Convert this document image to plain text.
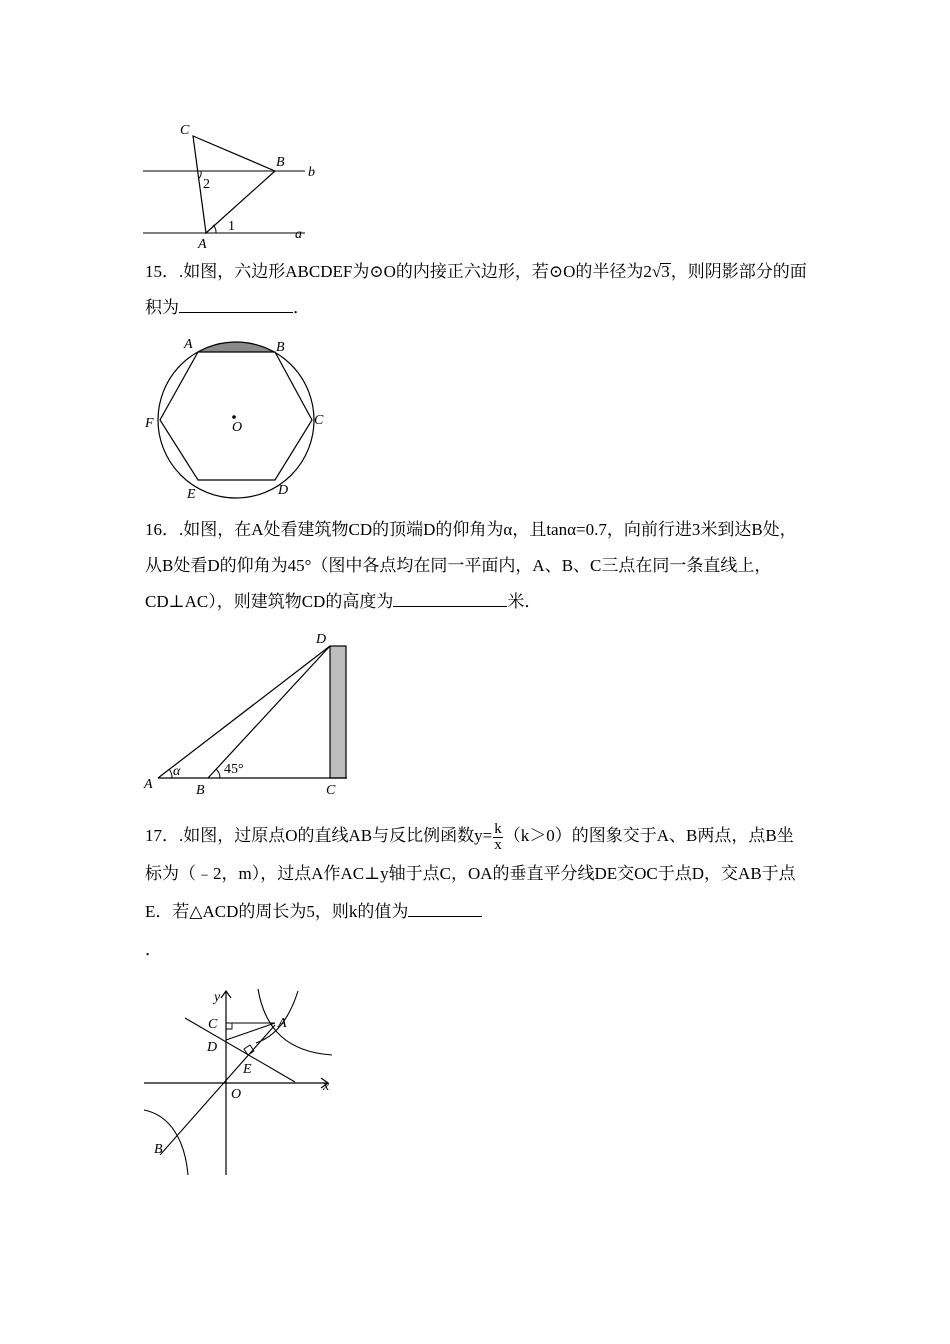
C
B
A
b
a
1
2
15．.如图，六边形ABCDEF为⊙O的内接正六边形，若⊙O的半径为2√3，则阴影部分的面积为	．
A	B
C
D
E
F	O
16．.如图，在A处看建筑物CD的顶端D的仰角为α，且tanα=0.7，向前行进3米到达B处，从B处看D的仰角为45°（图中各点均在同一平面内，A、B、C三点在同一条直线上，CD⊥AC），则建筑物CD的高度为	米．
D
A	B	C
α	45°
17．.如图，过原点O的直线AB与反比例函数$y= \frac{k}{x} (k>0)$的图象交于A、B两点，点B坐标为（﹣2，m），过点A作AC⊥y轴于点C，OA的垂直平分线DE交OC于点D，交AB于点E．若△ACD的周长为5，则k的值为
．
y
x
O
A
C
D
E
B
